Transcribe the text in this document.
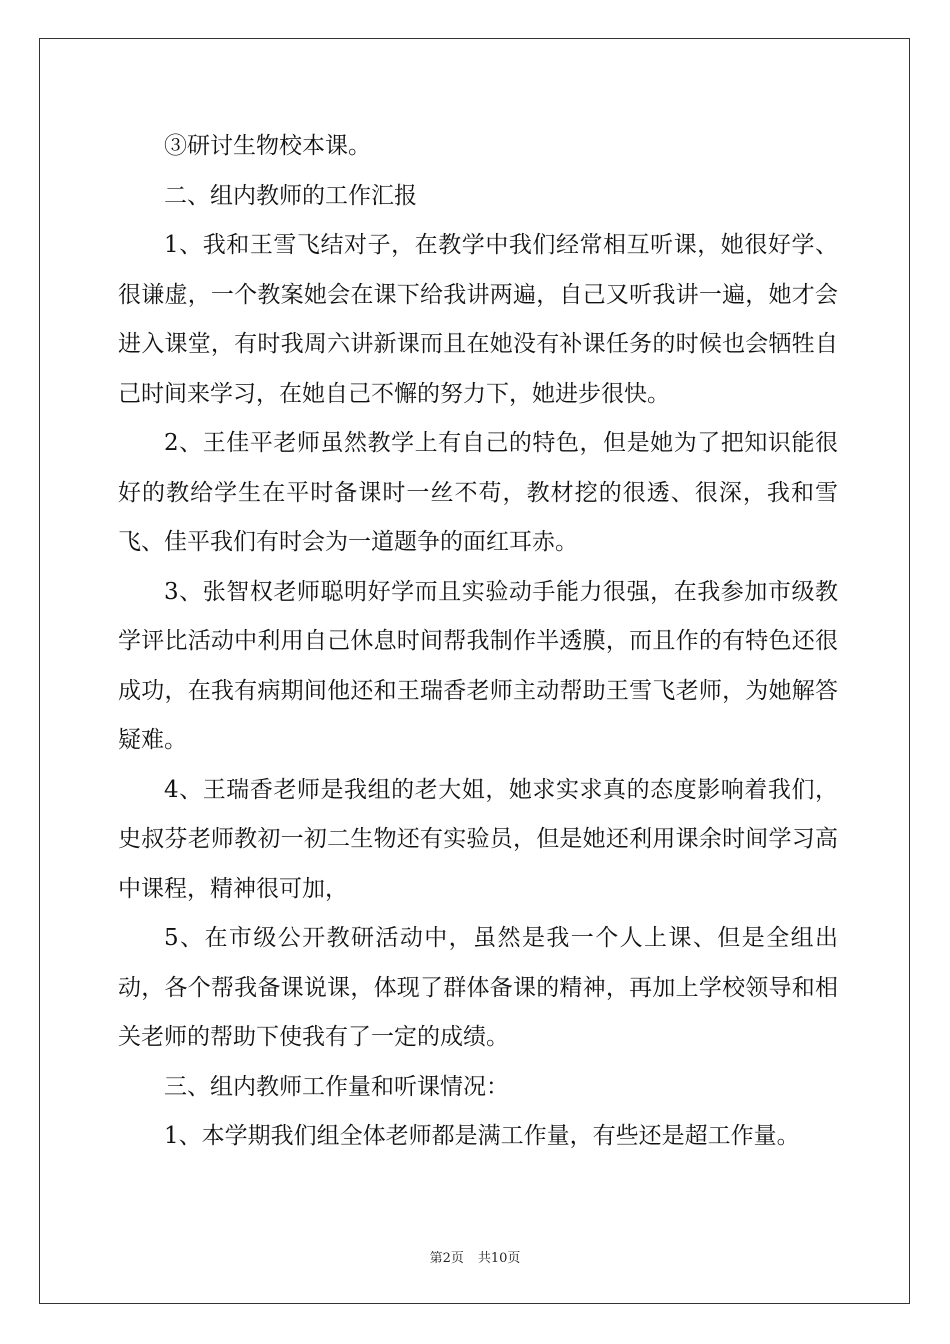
③研讨生物校本课。

二、组内教师的工作汇报

1、我和王雪飞结对子，在教学中我们经常相互听课，她很好学、很谦虚，一个教案她会在课下给我讲两遍，自己又听我讲一遍，她才会进入课堂，有时我周六讲新课而且在她没有补课任务的时候也会牺牲自己时间来学习，在她自己不懈的努力下，她进步很快。

2、王佳平老师虽然教学上有自己的特色，但是她为了把知识能很好的教给学生在平时备课时一丝不苟，教材挖的很透、很深，我和雪飞、佳平我们有时会为一道题争的面红耳赤。

3、张智权老师聪明好学而且实验动手能力很强，在我参加市级教学评比活动中利用自己休息时间帮我制作半透膜，而且作的有特色还很成功，在我有病期间他还和王瑞香老师主动帮助王雪飞老师，为她解答疑难。

4、王瑞香老师是我组的老大姐，她求实求真的态度影响着我们，史叔芬老师教初一初二生物还有实验员，但是她还利用课余时间学习高中课程，精神很可加，

5、在市级公开教研活动中，虽然是我一个人上课、但是全组出动，各个帮我备课说课，体现了群体备课的精神，再加上学校领导和相关老师的帮助下使我有了一定的成绩。

三、组内教师工作量和听课情况：

1、本学期我们组全体老师都是满工作量，有些还是超工作量。

第2页 共10页
